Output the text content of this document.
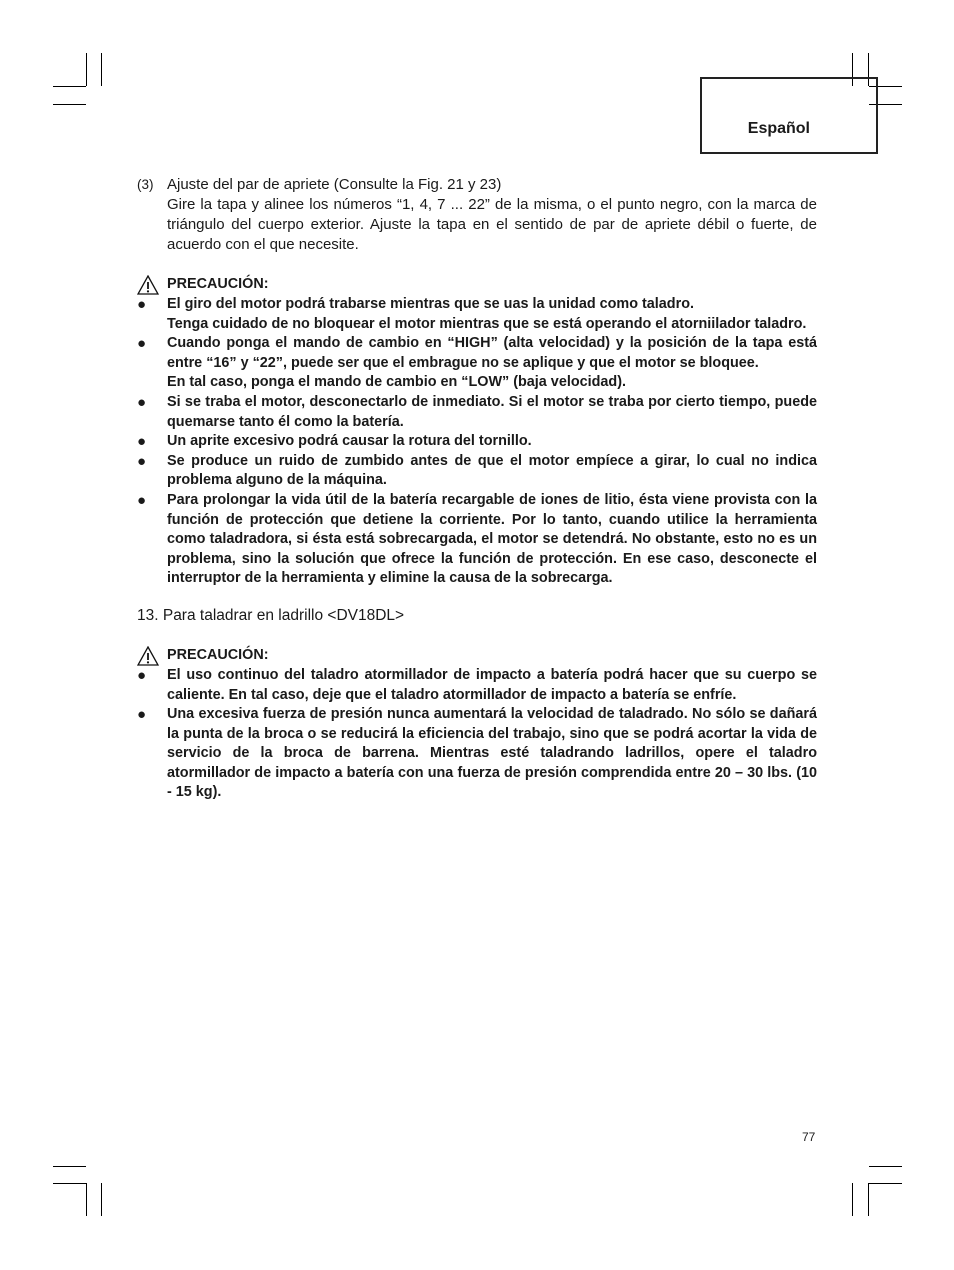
Español
(3) Ajuste del par de apriete (Consulte la Fig. 21 y 23)

Gire la tapa y alinee los números “1, 4, 7 ... 22” de la misma, o el punto negro, con la marca de triángulo del cuerpo exterior. Ajuste la tapa en el sentido de par de apriete débil o fuerte, de acuerdo con el que necesite.

PRECAUCIÓN:
●	El giro del motor podrá trabarse mientras que se uas la unidad como taladro.

Tenga cuidado de no bloquear el motor mientras que se está operando el atorniilador taladro.

●	Cuando ponga el mando de cambio en “HIGH” (alta velocidad) y la posición de la tapa está entre “16” y “22”, puede ser que el embrague no se aplique y que el motor se bloquee.

En tal caso, ponga el mando de cambio en “LOW” (baja velocidad).

●	Si se traba el motor, desconectarlo de inmediato. Si el motor se traba por cierto tiempo, puede quemarse tanto él como la batería.

●	Un aprite excesivo podrá causar la rotura del tornillo.

●	Se produce un ruido de zumbido antes de que el motor empíece a girar, lo cual no indica problema alguno de la máquina.

●	Para prolongar la vida útil de la batería recargable de iones de litio, ésta viene provista con la función de protección que detiene la corriente. Por lo tanto, cuando utilice la herramienta como taladradora, si ésta está sobrecargada, el motor se detendrá. No obstante, esto no es un problema, sino la solución que ofrece la función de protección. En ese caso, desconecte el interruptor de la herramienta y elimine la causa de la sobrecarga.

13. Para taladrar en ladrillo <DV18DL>
PRECAUCIÓN:
●	El uso continuo del taladro atormillador de impacto a batería podrá hacer que su cuerpo se caliente. En tal caso, deje que el taladro atormillador de impacto a batería se enfríe.

●	Una excesiva fuerza de presión nunca aumentará la velocidad de taladrado. No sólo se dañará la punta de la broca o se reducirá la eficiencia del trabajo, sino que se podrá acortar la vida de servicio de la broca de barrena. Mientras esté taladrando ladrillos, opere el taladro atormillador de impacto a batería con una fuerza de presión comprendida entre 20 – 30 lbs. (10 - 15 kg).

77
